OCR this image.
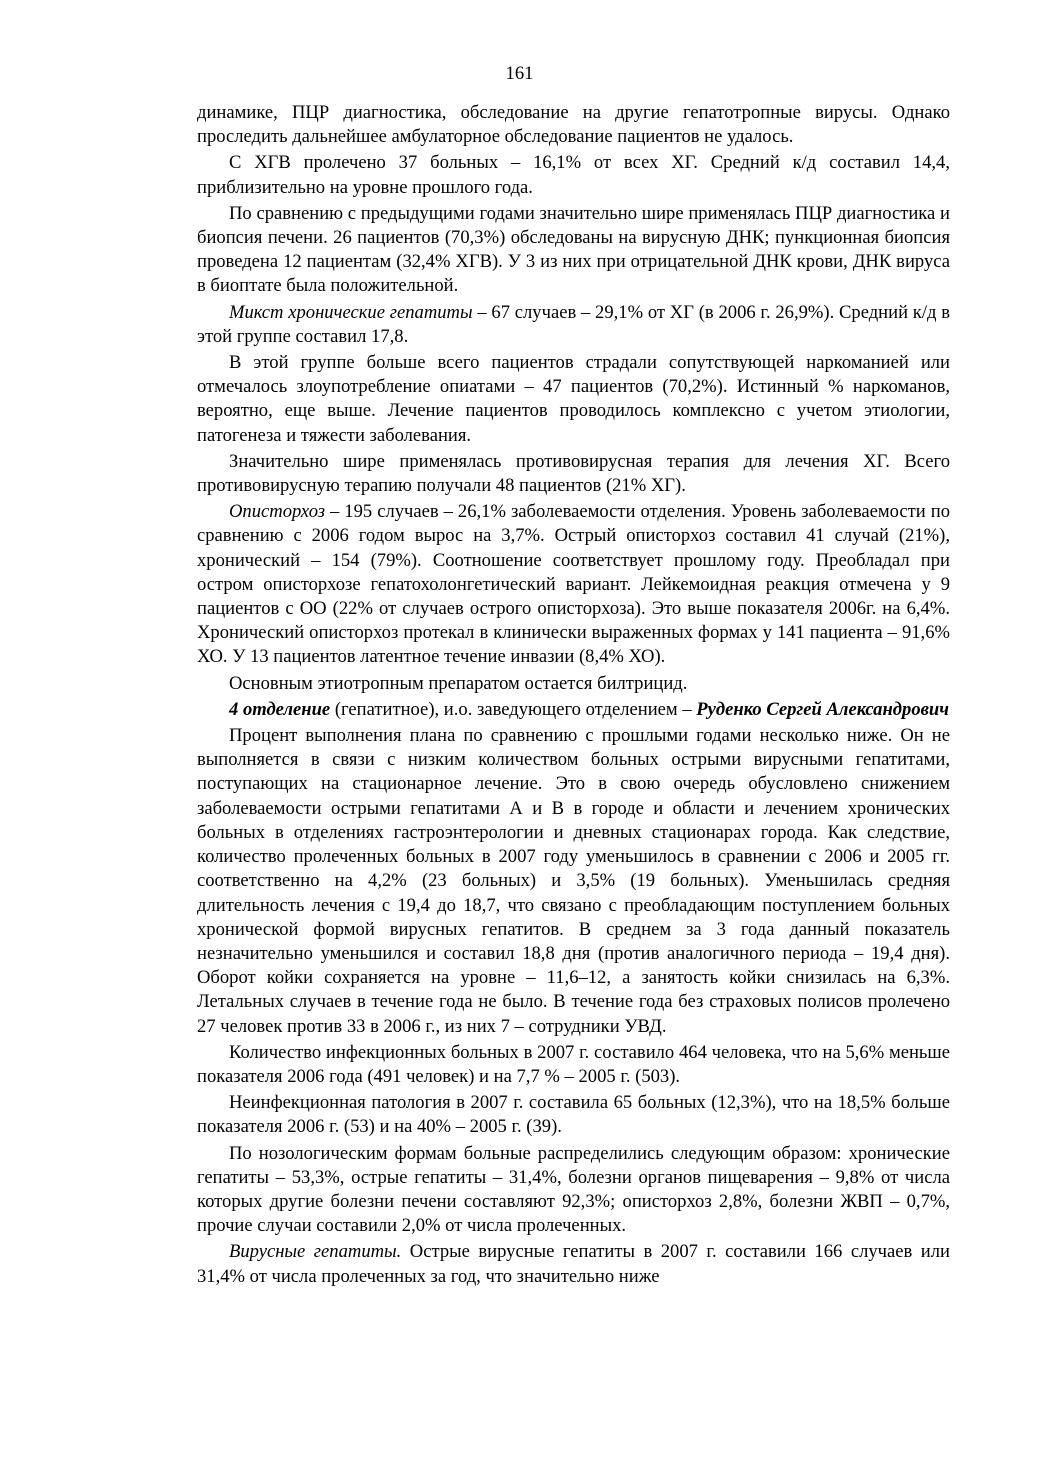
161

динамике, ПЦР диагностика, обследование на другие гепатотропные вирусы. Однако проследить дальнейшее амбулаторное обследование пациентов не удалось.

С ХГВ пролечено 37 больных – 16,1% от всех ХГ. Средний к/д составил 14,4, приблизительно на уровне прошлого года.

По сравнению с предыдущими годами значительно шире применялась ПЦР диагностика и биопсия печени. 26 пациентов (70,3%) обследованы на вирусную ДНК; пункционная биопсия проведена 12 пациентам (32,4% ХГВ). У 3 из них при отрицательной ДНК крови, ДНК вируса в биоптате была положительной.

Микст хронические гепатиты – 67 случаев – 29,1% от ХГ (в 2006 г. 26,9%). Средний к/д в этой группе составил 17,8.

В этой группе больше всего пациентов страдали сопутствующей наркоманией или отмечалось злоупотребление опиатами – 47 пациентов (70,2%). Истинный % наркоманов, вероятно, еще выше. Лечение пациентов проводилось комплексно с учетом этиологии, патогенеза и тяжести заболевания.

Значительно шире применялась противовирусная терапия для лечения ХГ. Всего противовирусную терапию получали 48 пациентов (21% ХГ).

Описторхоз – 195 случаев – 26,1% заболеваемости отделения. Уровень заболеваемости по сравнению с 2006 годом вырос на 3,7%. Острый описторхоз составил 41 случай (21%), хронический – 154 (79%). Соотношение соответствует прошлому году. Преобладал при остром описторхозе гепатохолонгетический вариант. Лейкемоидная реакция отмечена у 9 пациентов с ОО (22% от случаев острого описторхоза). Это выше показателя 2006г. на 6,4%. Хронический описторхоз протекал в клинически выраженных формах у 141 пациента – 91,6% ХО. У 13 пациентов латентное течение инвазии (8,4% ХО).

Основным этиотропным препаратом остается билтрицид.

4 отделение (гепатитное), и.о. заведующего отделением – Руденко Сергей Александрович

Процент выполнения плана по сравнению с прошлыми годами несколько ниже. Он не выполняется в связи с низким количеством больных острыми вирусными гепатитами, поступающих на стационарное лечение. Это в свою очередь обусловлено снижением заболеваемости острыми гепатитами А и В в городе и области и лечением хронических больных в отделениях гастроэнтерологии и дневных стационарах города. Как следствие, количество пролеченных больных в 2007 году уменьшилось в сравнении с 2006 и 2005 гг. соответственно на 4,2% (23 больных) и 3,5% (19 больных). Уменьшилась средняя длительность лечения с 19,4 до 18,7, что связано с преобладающим поступлением больных хронической формой вирусных гепатитов. В среднем за 3 года данный показатель незначительно уменьшился и составил 18,8 дня (против аналогичного периода – 19,4 дня). Оборот койки сохраняется на уровне – 11,6–12, а занятость койки снизилась на 6,3%. Летальных случаев в течение года не было. В течение года без страховых полисов пролечено 27 человек против 33 в 2006 г., из них 7 – сотрудники УВД.

Количество инфекционных больных в 2007 г. составило 464 человека, что на 5,6% меньше показателя 2006 года (491 человек) и на 7,7 % – 2005 г. (503).

Неинфекционная патология в 2007 г. составила 65 больных (12,3%), что на 18,5% больше показателя 2006 г. (53) и на 40% – 2005 г. (39).

По нозологическим формам больные распределились следующим образом: хронические гепатиты – 53,3%, острые гепатиты – 31,4%, болезни органов пищеварения – 9,8% от числа которых другие болезни печени составляют 92,3%; описторхоз 2,8%, болезни ЖВП – 0,7%, прочие случаи составили 2,0% от числа пролеченных.

Вирусные гепатиты. Острые вирусные гепатиты в 2007 г. составили 166 случаев или 31,4% от числа пролеченных за год, что значительно ниже
